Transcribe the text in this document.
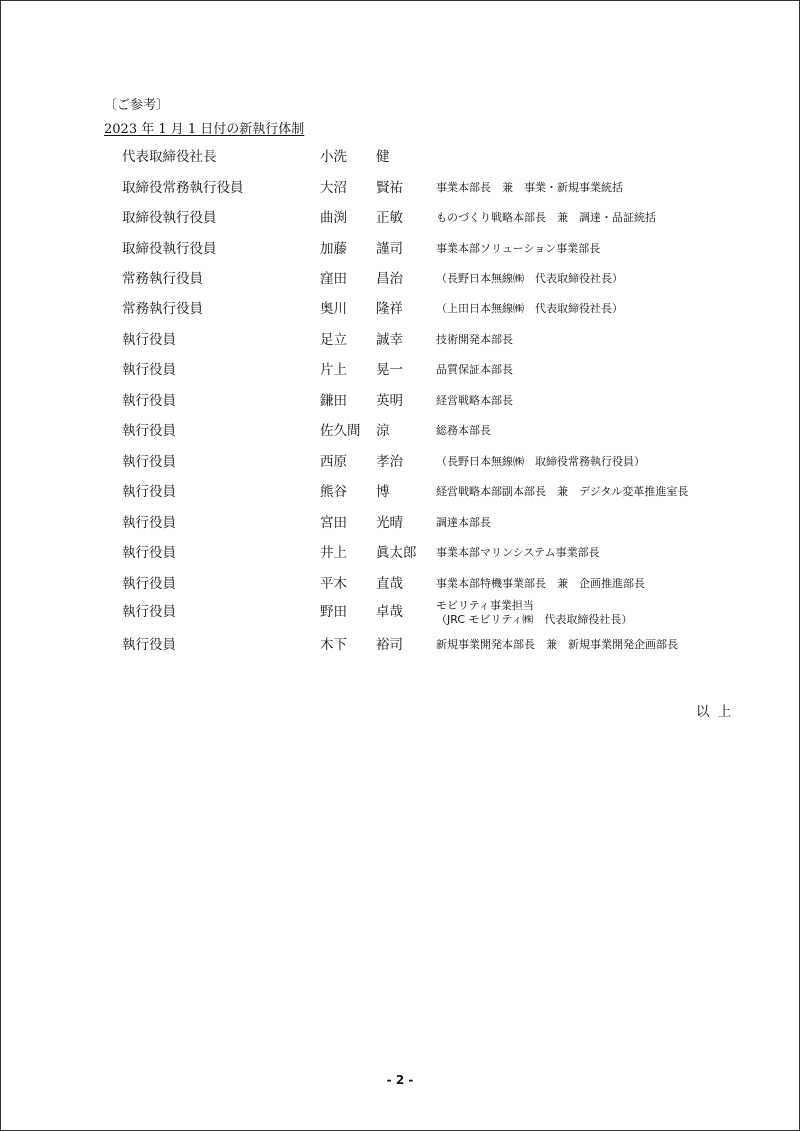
〔ご参考〕
2023 年 1 月 1 日付の新執行体制
代表取締役社長	小洗 健
取締役常務執行役員	大沼 賢祐	事業本部長　兼　事業・新規事業統括
取締役執行役員	曲渕 正敏	ものづくり戦略本部長　兼　調達・品証統括
取締役執行役員	加藤 謹司	事業本部ソリューション事業部長
常務執行役員	窪田 昌治	（長野日本無線㈱　代表取締役社長）
常務執行役員	奥川 隆祥	（上田日本無線㈱　代表取締役社長）
執行役員	足立 誠幸	技術開発本部長
執行役員	片上 晃一	品質保証本部長
執行役員	鎌田 英明	経営戦略本部長
執行役員	佐久間 涼	総務本部長
執行役員	西原 孝治	（長野日本無線㈱　取締役常務執行役員）
執行役員	熊谷 博	経営戦略本部副本部長　兼　デジタル変革推進室長
執行役員	宮田 光晴	調達本部長
執行役員	井上 眞太郎 事業本部マリンシステム事業部長
執行役員	平木 直哉	事業本部特機事業部長　兼　企画推進部長
執行役員	野田 卓哉	モビリティ事業担当
（JRC モビリティ㈱　代表取締役社長）
執行役員	木下 裕司	新規事業開発本部長　兼　新規事業開発企画部長
以 上
- 2 -
